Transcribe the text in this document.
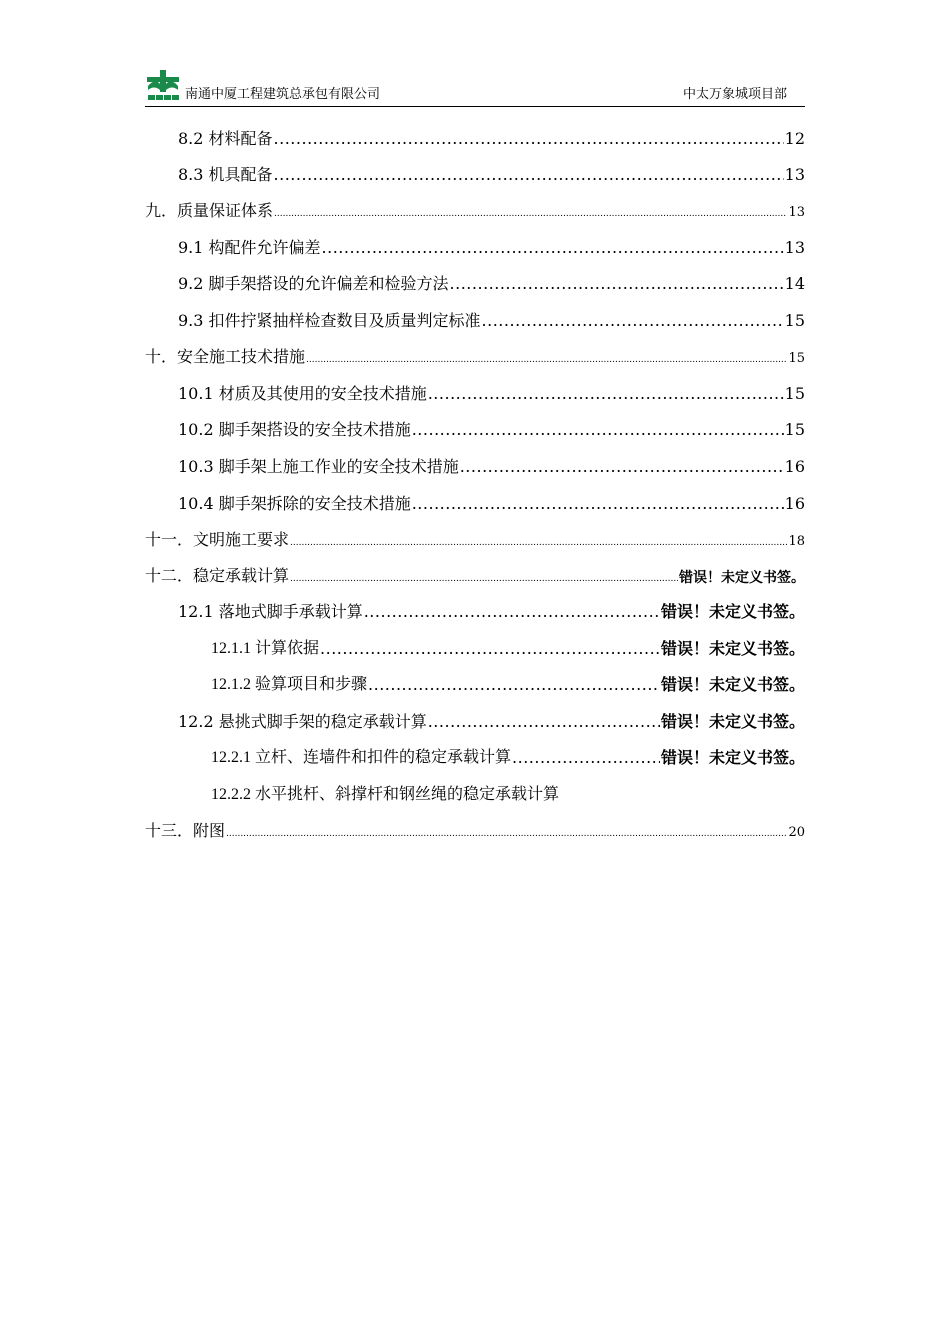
南通中厦工程建筑总承包有限公司	中太万象城项目部
8.2 材料配备 .....	12
8.3 机具配备 .....	13
九．质量保证体系 .....	13
9.1 构配件允许偏差 .....	13
9.2 脚手架搭设的允许偏差和检验方法 .....	14
9.3 扣件拧紧抽样检查数目及质量判定标准 .....	15
十．安全施工技术措施 .....	15
10.1 材质及其使用的安全技术措施 .....	15
10.2 脚手架搭设的安全技术措施 .....	15
10.3 脚手架上施工作业的安全技术措施 .....	16
10.4 脚手架拆除的安全技术措施 .....	16
十一．文明施工要求 .....	18
十二．稳定承载计算 .....	错误！未定义书签。
12.1 落地式脚手承载计算 .....	错误！未定义书签。
12.1.1 计算依据 .....	错误！未定义书签。
12.1.2 验算项目和步骤 .....	错误！未定义书签。
12.2 悬挑式脚手架的稳定承载计算 .....	错误！未定义书签。
12.2.1 立杆、连墙件和扣件的稳定承载计算 .....	错误！未定义书签。
12.2.2 水平挑杆、斜撑杆和钢丝绳的稳定承载计算
十三．附图 .....	20
